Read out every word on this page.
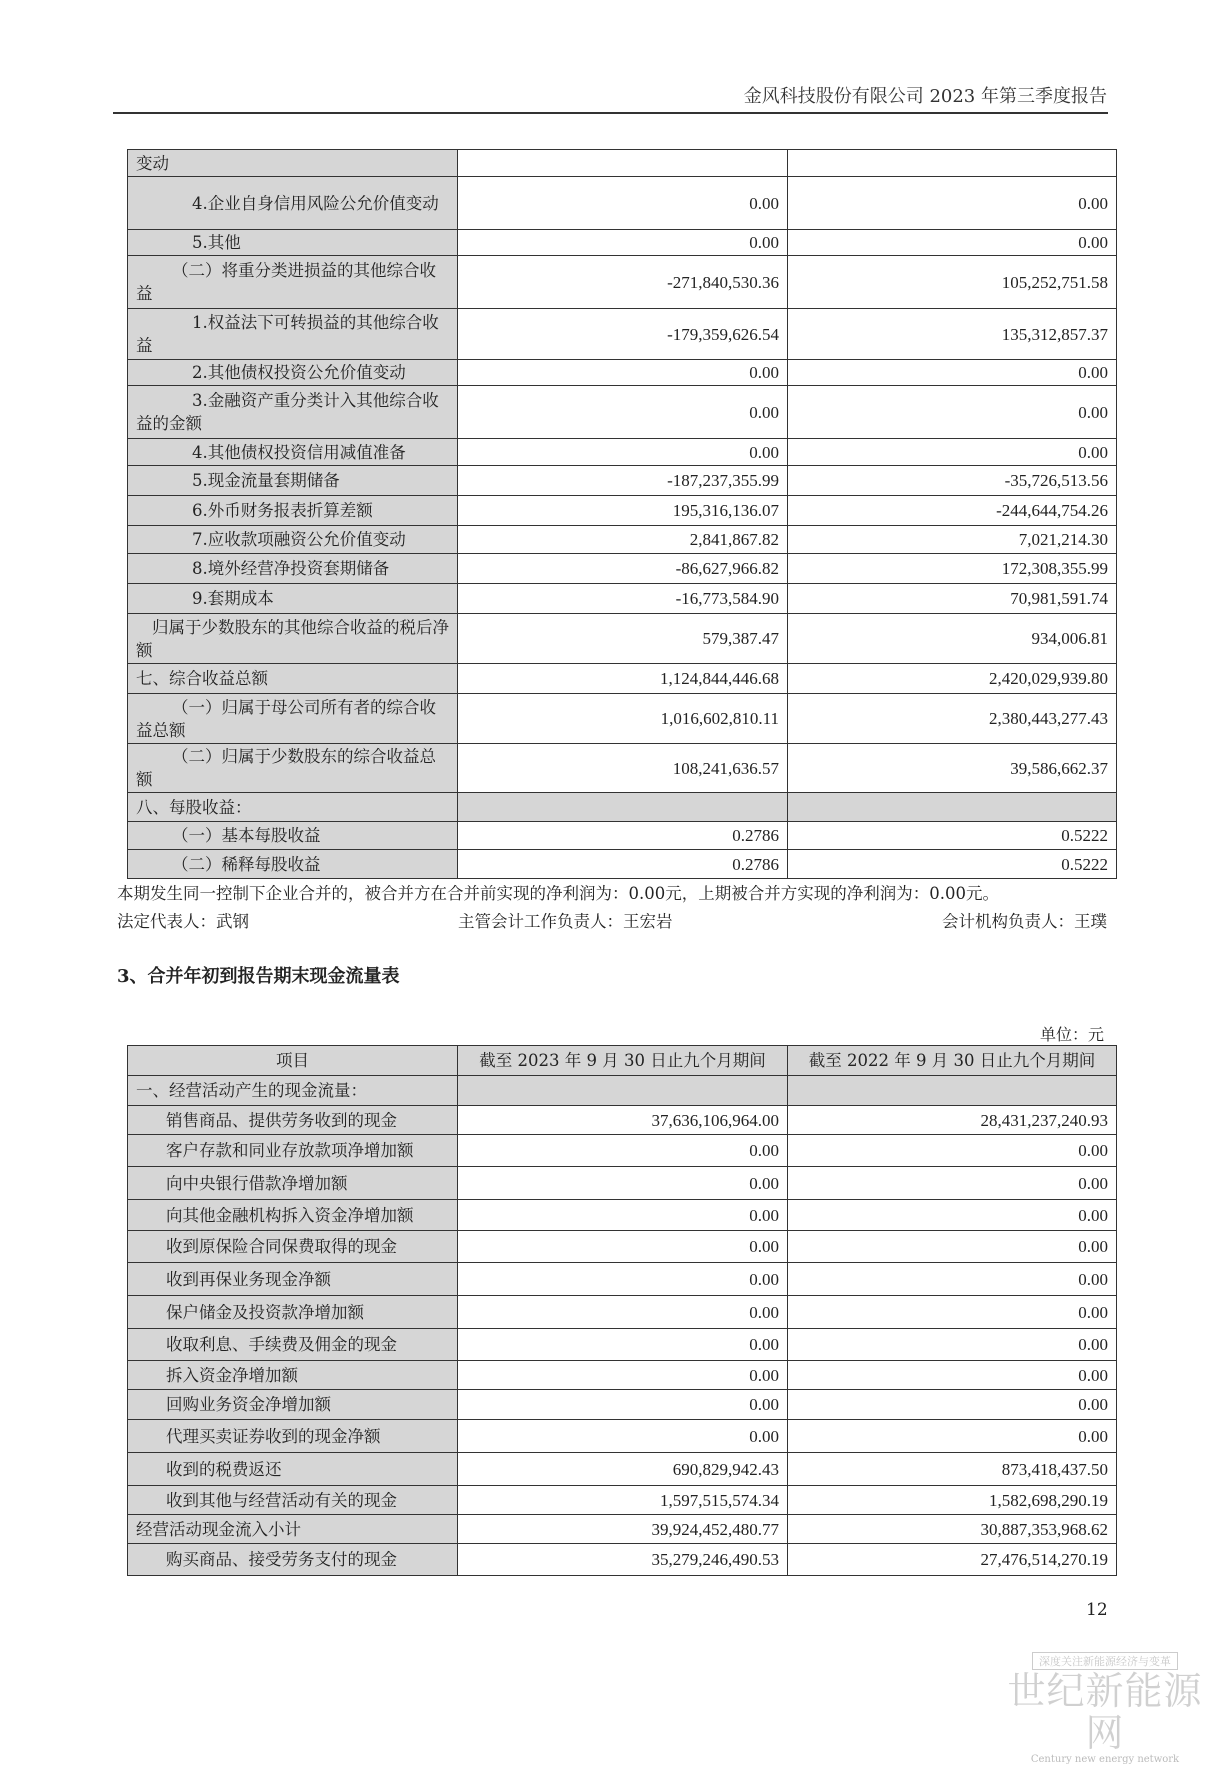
金风科技股份有限公司 2023 年第三季度报告
变动		
4.企业自身信用风险公允价值变动	0.00	0.00
5.其他	0.00	0.00
（二）将重分类进损益的其他综合收益	-271,840,530.36	105,252,751.58
1.权益法下可转损益的其他综合收益	-179,359,626.54	135,312,857.37
2.其他债权投资公允价值变动	0.00	0.00
3.金融资产重分类计入其他综合收益的金额	0.00	0.00
4.其他债权投资信用减值准备	0.00	0.00
5.现金流量套期储备	-187,237,355.99	-35,726,513.56
6.外币财务报表折算差额	195,316,136.07	-244,644,754.26
7.应收款项融资公允价值变动	2,841,867.82	7,021,214.30
8.境外经营净投资套期储备	-86,627,966.82	172,308,355.99
9.套期成本	-16,773,584.90	70,981,591.74
归属于少数股东的其他综合收益的税后净额	579,387.47	934,006.81
七、综合收益总额	1,124,844,446.68	2,420,029,939.80
（一）归属于母公司所有者的综合收益总额	1,016,602,810.11	2,380,443,277.43
（二）归属于少数股东的综合收益总额	108,241,636.57	39,586,662.37
八、每股收益：		
（一）基本每股收益	0.2786	0.5222
（二）稀释每股收益	0.2786	0.5222
本期发生同一控制下企业合并的，被合并方在合并前实现的净利润为：0.00元，上期被合并方实现的净利润为：0.00元。
法定代表人：武钢	主管会计工作负责人：王宏岩	会计机构负责人：王璞
3、合并年初到报告期末现金流量表
单位：元
项目	截至 2023 年 9 月 30 日止九个月期间	截至 2022 年 9 月 30 日止九个月期间
一、经营活动产生的现金流量：		
销售商品、提供劳务收到的现金	37,636,106,964.00	28,431,237,240.93
客户存款和同业存放款项净增加额	0.00	0.00
向中央银行借款净增加额	0.00	0.00
向其他金融机构拆入资金净增加额	0.00	0.00
收到原保险合同保费取得的现金	0.00	0.00
收到再保业务现金净额	0.00	0.00
保户储金及投资款净增加额	0.00	0.00
收取利息、手续费及佣金的现金	0.00	0.00
拆入资金净增加额	0.00	0.00
回购业务资金净增加额	0.00	0.00
代理买卖证券收到的现金净额	0.00	0.00
收到的税费返还	690,829,942.43	873,418,437.50
收到其他与经营活动有关的现金	1,597,515,574.34	1,582,698,290.19
经营活动现金流入小计	39,924,452,480.77	30,887,353,968.62
购买商品、接受劳务支付的现金	35,279,246,490.53	27,476,514,270.19
12
深度关注新能源经济与变革
世纪新能源网
Century new energy network
